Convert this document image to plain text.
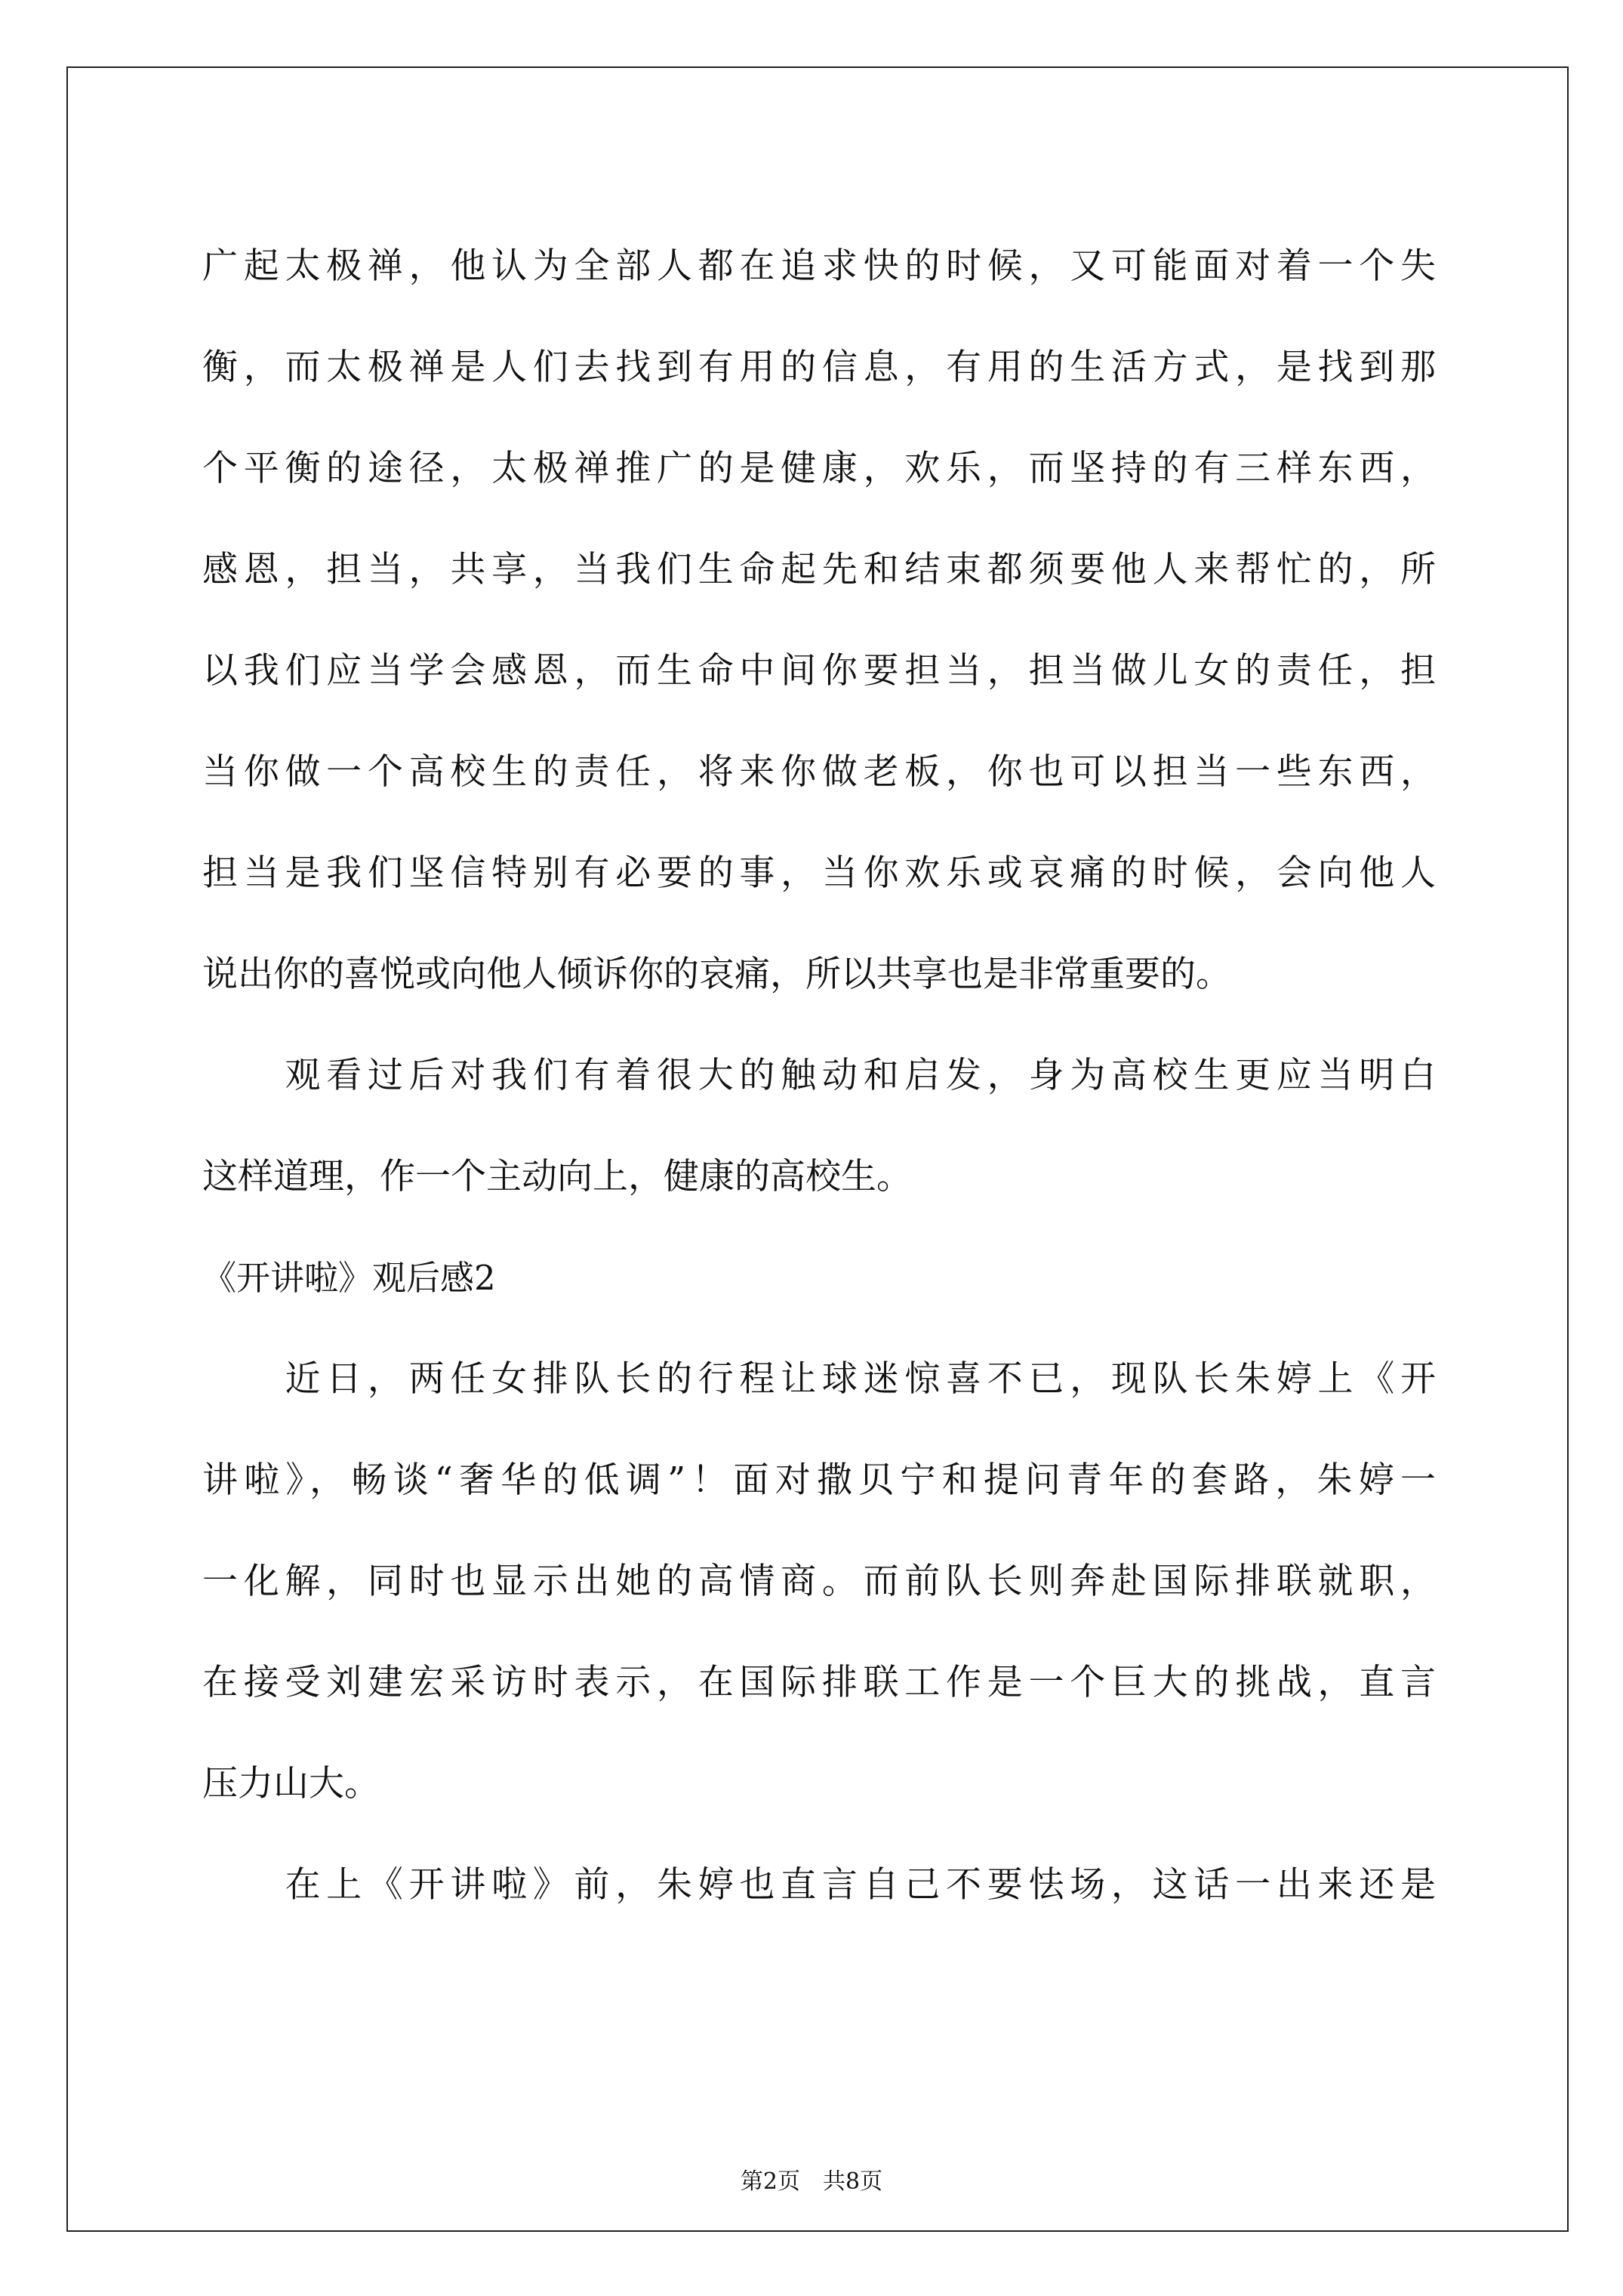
广起太极禅，他认为全部人都在追求快的时候，又可能面对着一个失
衡，而太极禅是人们去找到有用的信息，有用的生活方式，是找到那
个平衡的途径，太极禅推广的是健康，欢乐，而坚持的有三样东西，
感恩，担当，共享，当我们生命起先和结束都须要他人来帮忙的，所
以我们应当学会感恩，而生命中间你要担当，担当做儿女的责任，担
当你做一个高校生的责任，将来你做老板，你也可以担当一些东西，
担当是我们坚信特别有必要的事，当你欢乐或哀痛的时候，会向他人
说出你的喜悦或向他人倾诉你的哀痛，所以共享也是非常重要的。
　　观看过后对我们有着很大的触动和启发，身为高校生更应当明白
这样道理，作一个主动向上，健康的高校生。
《开讲啦》观后感2
　　近日，两任女排队长的行程让球迷惊喜不已，现队长朱婷上《开
讲啦》，畅谈“奢华的低调”！面对撒贝宁和提问青年的套路，朱婷一
一化解，同时也显示出她的高情商。而前队长则奔赴国际排联就职，
在接受刘建宏采访时表示，在国际排联工作是一个巨大的挑战，直言
压力山大。
　　在上《开讲啦》前，朱婷也直言自己不要怯场，这话一出来还是
第2页　共8页
